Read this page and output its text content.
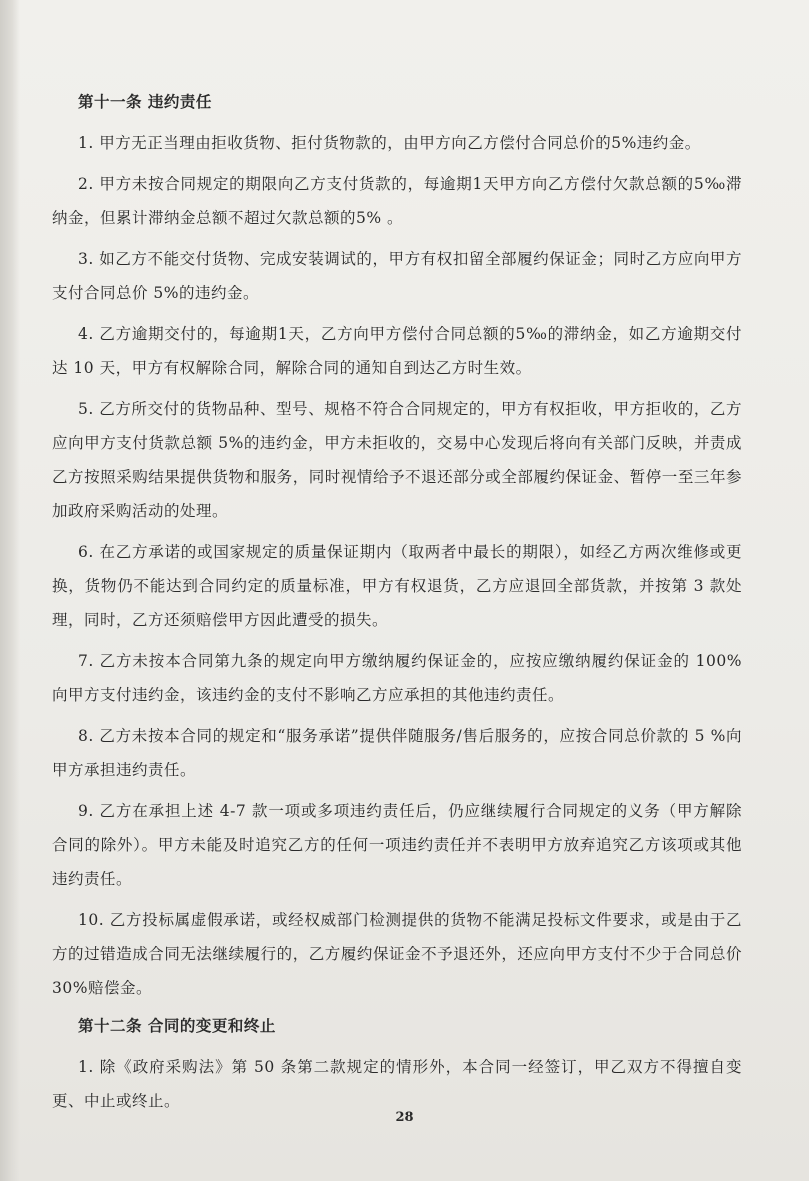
第十一条 违约责任

1. 甲方无正当理由拒收货物、拒付货物款的，由甲方向乙方偿付合同总价的5%违约金。

2. 甲方未按合同规定的期限向乙方支付货款的，每逾期1天甲方向乙方偿付欠款总额的5‰滞纳金，但累计滞纳金总额不超过欠款总额的5% 。

3. 如乙方不能交付货物、完成安装调试的，甲方有权扣留全部履约保证金；同时乙方应向甲方支付合同总价 5%的违约金。

4. 乙方逾期交付的，每逾期1天，乙方向甲方偿付合同总额的5‰的滞纳金，如乙方逾期交付达 10 天，甲方有权解除合同，解除合同的通知自到达乙方时生效。

5. 乙方所交付的货物品种、型号、规格不符合合同规定的，甲方有权拒收，甲方拒收的，乙方应向甲方支付货款总额 5%的违约金，甲方未拒收的，交易中心发现后将向有关部门反映，并责成乙方按照采购结果提供货物和服务，同时视情给予不退还部分或全部履约保证金、暂停一至三年参加政府采购活动的处理。

6. 在乙方承诺的或国家规定的质量保证期内（取两者中最长的期限），如经乙方两次维修或更换，货物仍不能达到合同约定的质量标准，甲方有权退货，乙方应退回全部货款，并按第 3 款处理，同时，乙方还须赔偿甲方因此遭受的损失。

7. 乙方未按本合同第九条的规定向甲方缴纳履约保证金的，应按应缴纳履约保证金的 100%向甲方支付违约金，该违约金的支付不影响乙方应承担的其他违约责任。

8. 乙方未按本合同的规定和“服务承诺”提供伴随服务/售后服务的，应按合同总价款的 5 %向甲方承担违约责任。

9. 乙方在承担上述 4-7 款一项或多项违约责任后，仍应继续履行合同规定的义务（甲方解除合同的除外）。甲方未能及时追究乙方的任何一项违约责任并不表明甲方放弃追究乙方该项或其他违约责任。

10. 乙方投标属虚假承诺，或经权威部门检测提供的货物不能满足投标文件要求，或是由于乙方的过错造成合同无法继续履行的，乙方履约保证金不予退还外，还应向甲方支付不少于合同总价 30%赔偿金。

第十二条 合同的变更和终止

1. 除《政府采购法》第 50 条第二款规定的情形外，本合同一经签订，甲乙双方不得擅自变更、中止或终止。

28
